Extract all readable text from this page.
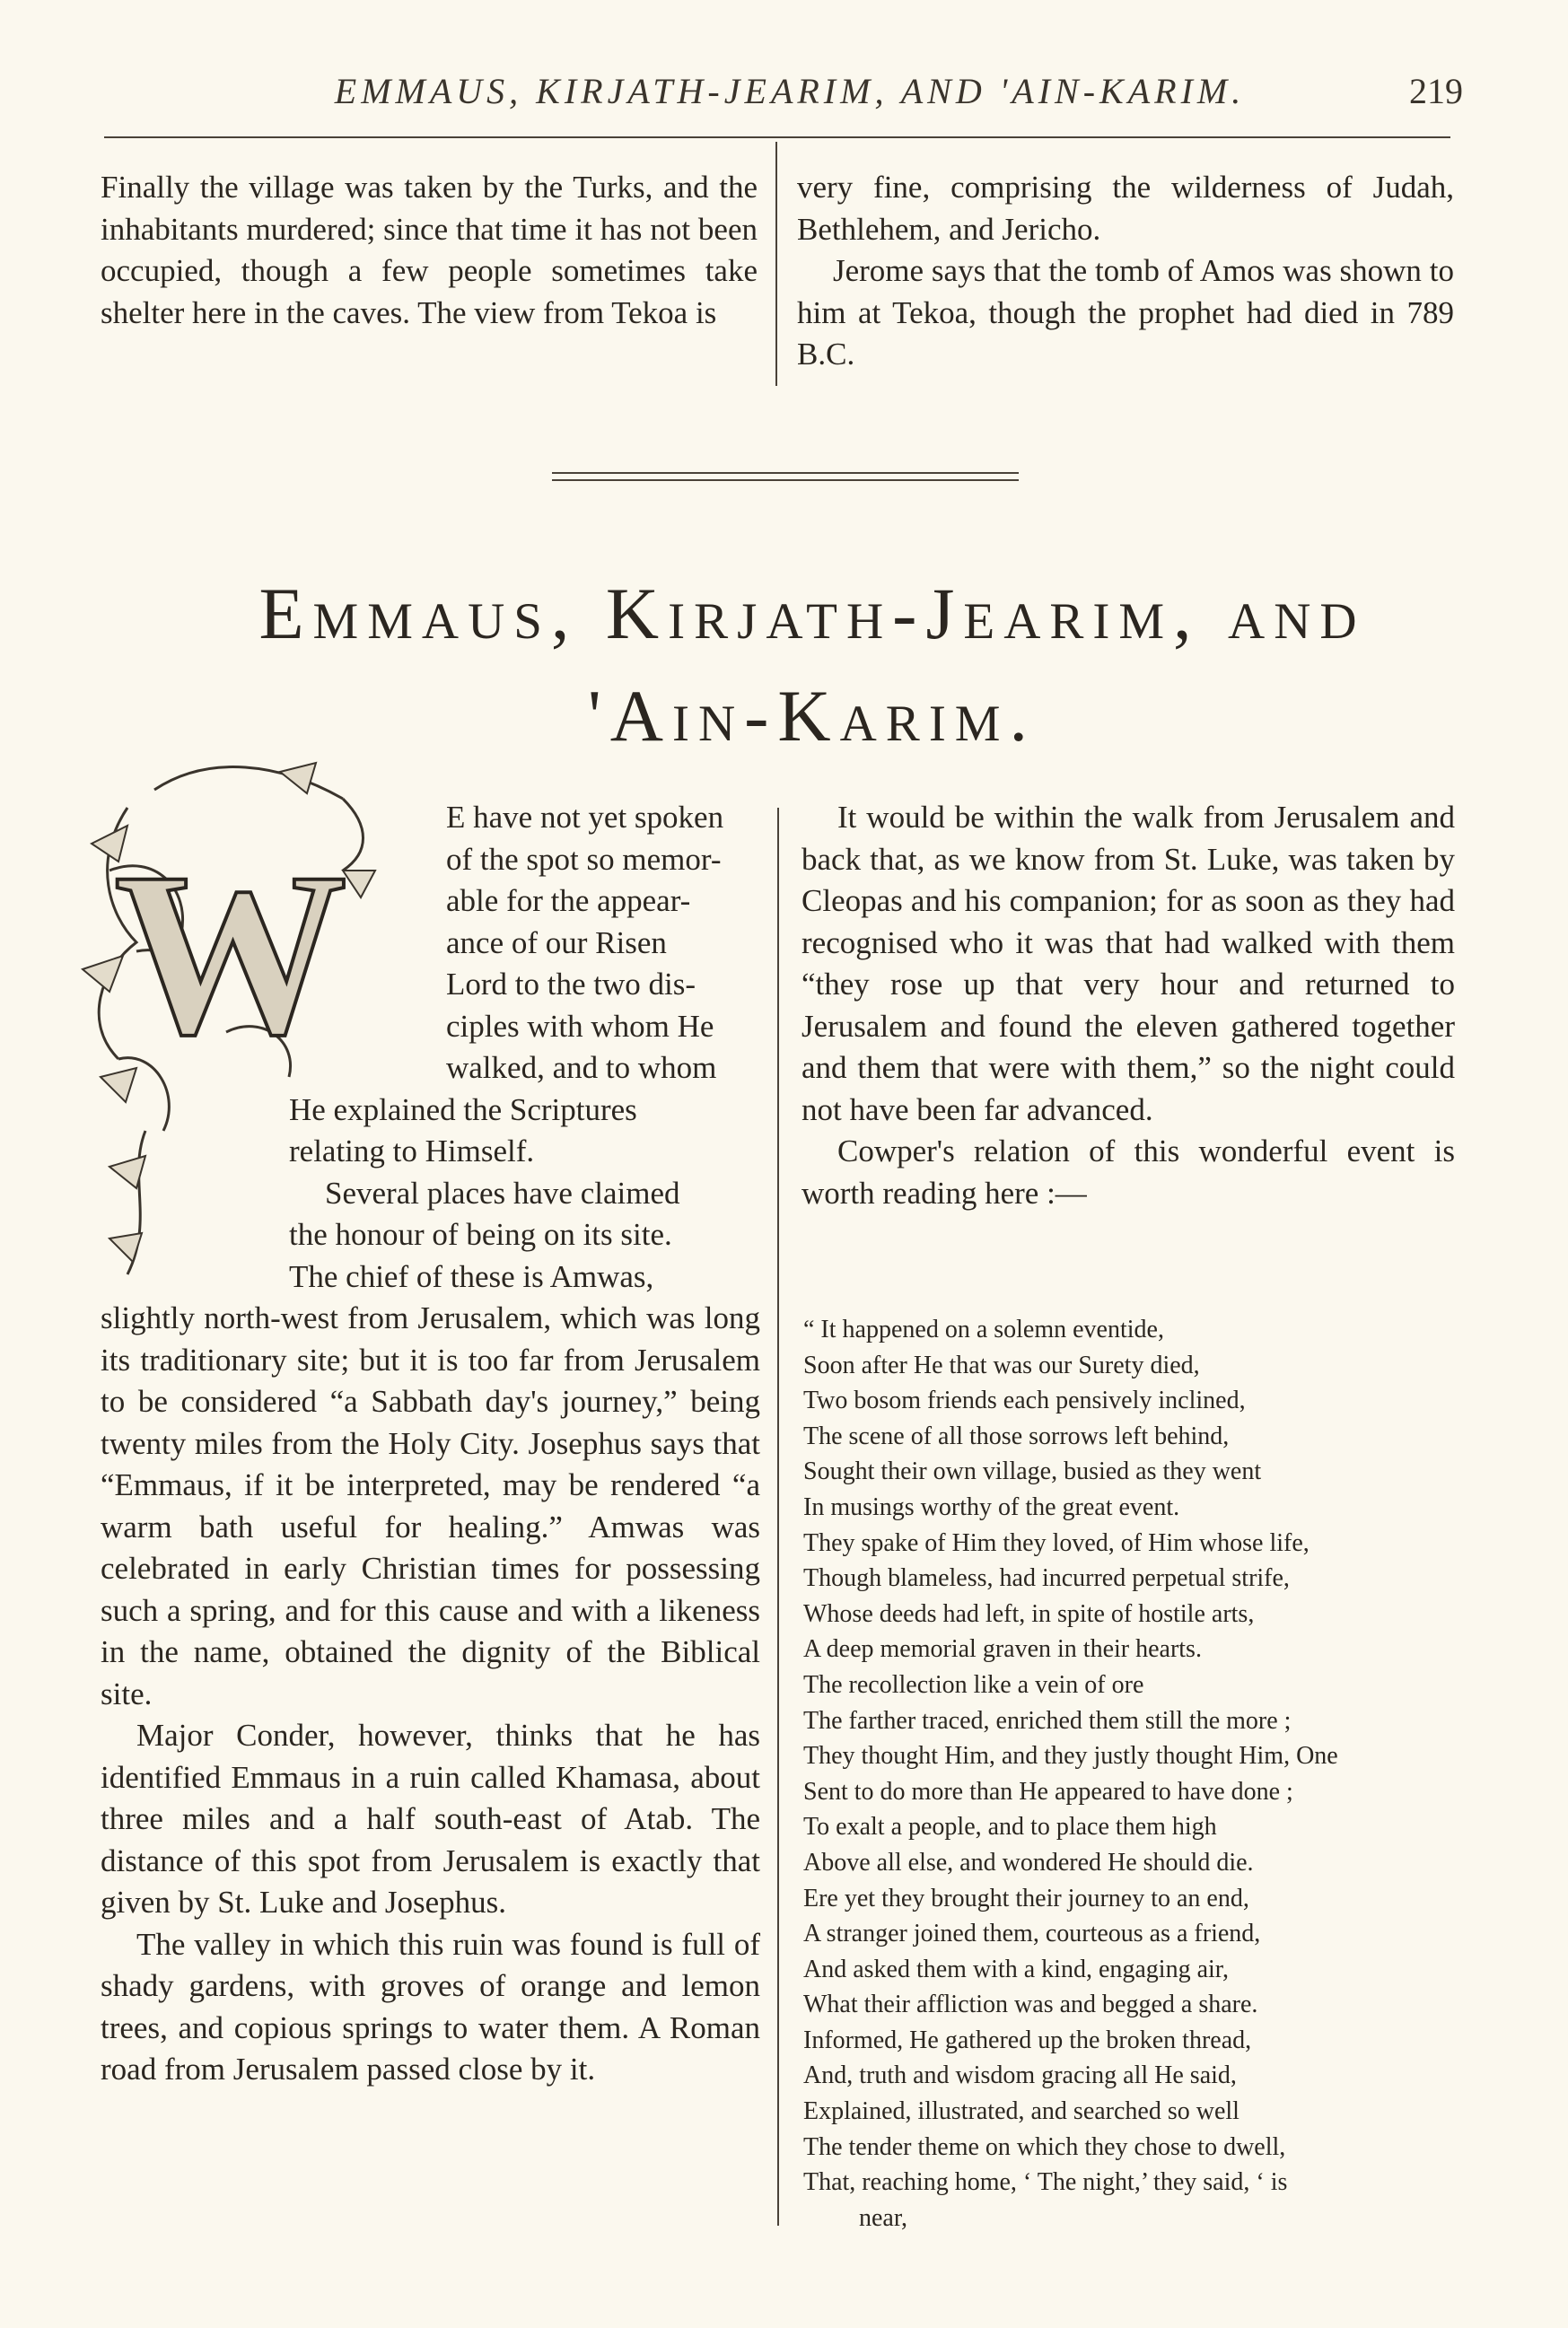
EMMAUS, KIRJATH-JEARIM, AND 'AIN-KARIM.	219

Finally the village was taken by the Turks, and the inhabitants murdered; since that time it has not been occupied, though a few people sometimes take shelter here in the caves. The view from Tekoa is

very fine, comprising the wilderness of Judah, Bethlehem, and Jericho.

Jerome says that the tomb of Amos was shown to him at Tekoa, though the prophet had died in 789 B.C.

Emmaus, Kirjath-Jearim, and
'Ain-Karim.
W
E have not yet spoken
of the spot so memor-
able for the appear-
ance of our Risen
Lord to the two dis-
ciples with whom He
walked, and to whom
He explained the Scriptures
relating to Himself.
Several places have claimed
the honour of being on its site.
The chief of these is Amwas,

slightly north-west from Jerusalem, which was long its traditionary site; but it is too far from Jerusalem to be considered “a Sabbath day's journey,” being twenty miles from the Holy City. Josephus says that “Emmaus, if it be interpreted, may be rendered “a warm bath useful for healing.” Amwas was celebrated in early Christian times for possessing such a spring, and for this cause and with a likeness in the name, obtained the dignity of the Biblical site.

Major Conder, however, thinks that he has identified Emmaus in a ruin called Khamasa, about three miles and a half south-east of Atab. The distance of this spot from Jerusalem is exactly that given by St. Luke and Josephus.

The valley in which this ruin was found is full of shady gardens, with groves of orange and lemon trees, and copious springs to water them. A Roman road from Jerusalem passed close by it.

It would be within the walk from Jerusalem and back that, as we know from St. Luke, was taken by Cleopas and his companion; for as soon as they had recognised who it was that had walked with them “they rose up that very hour and returned to Jerusalem and found the eleven gathered together and them that were with them,” so the night could not have been far advanced.

Cowper's relation of this wonderful event is worth reading here :—

“ It happened on a solemn eventide,
Soon after He that was our Surety died,
Two bosom friends each pensively inclined,
The scene of all those sorrows left behind,
Sought their own village, busied as they went
In musings worthy of the great event.
They spake of Him they loved, of Him whose life,
Though blameless, had incurred perpetual strife,
Whose deeds had left, in spite of hostile arts,
A deep memorial graven in their hearts.
The recollection like a vein of ore
The farther traced, enriched them still the more ;
They thought Him, and they justly thought Him, One
Sent to do more than He appeared to have done ;
To exalt a people, and to place them high
Above all else, and wondered He should die.
Ere yet they brought their journey to an end,
A stranger joined them, courteous as a friend,
And asked them with a kind, engaging air,
What their affliction was and begged a share.
Informed, He gathered up the broken thread,
And, truth and wisdom gracing all He said,
Explained, illustrated, and searched so well
The tender theme on which they chose to dwell,
That, reaching home, ‘ The night,’ they said, ‘ is
near,
